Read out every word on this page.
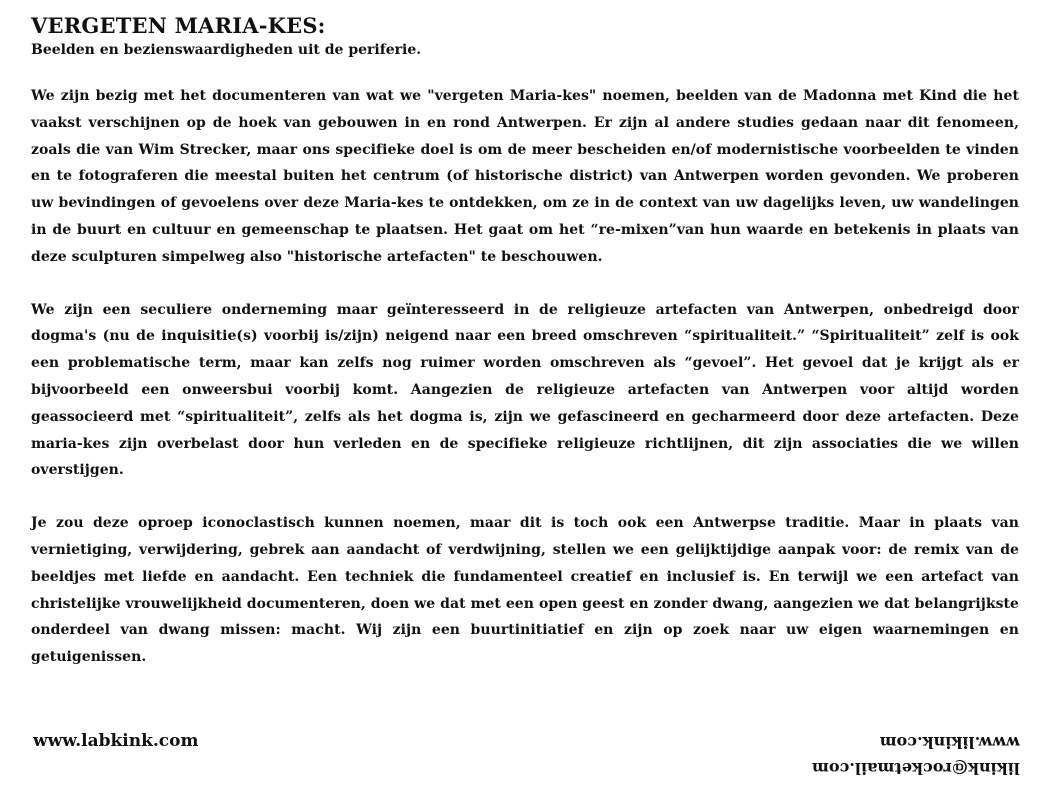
VERGETEN MARIA-KES:

Beelden en bezienswaardigheden uit de periferie.

We zijn bezig met het documenteren van wat we "vergeten Maria-kes" noemen, beelden van de Madonna met Kind die het vaakst verschijnen op de hoek van gebouwen in en rond Antwerpen. Er zijn al andere studies gedaan naar dit fenomeen, zoals die van Wim Strecker, maar ons specifieke doel is om de meer bescheiden en/of modernistische voorbeelden te vinden en te fotograferen die meestal buiten het centrum (of historische district) van Antwerpen worden gevonden. We proberen uw bevindingen of gevoelens over deze Maria-kes te ontdekken, om ze in de context van uw dagelijks leven, uw wandelingen in de buurt en cultuur en gemeenschap te plaatsen. Het gaat om het “re-mixen”van hun waarde en betekenis in plaats van deze sculpturen simpelweg also "historische artefacten" te beschouwen.

We zijn een seculiere onderneming maar geïnteresseerd in de religieuze artefacten van Antwerpen, onbedreigd door dogma's (nu de inquisitie(s) voorbij is/zijn) neigend naar een breed omschreven “spiritualiteit.” “Spiritualiteit” zelf is ook een problematische term, maar kan zelfs nog ruimer worden omschreven als “gevoel”. Het gevoel dat je krijgt als er bijvoorbeeld een onweersbui voorbij komt. Aangezien de religieuze artefacten van Antwerpen voor altijd worden geassocieerd met “spiritualiteit”, zelfs als het dogma is, zijn we gefascineerd en gecharmeerd door deze artefacten. Deze maria-kes zijn overbelast door hun verleden en de specifieke religieuze richtlijnen, dit zijn associaties die we willen overstijgen.

Je zou deze oproep iconoclastisch kunnen noemen, maar dit is toch ook een Antwerpse traditie. Maar in plaats van vernietiging, verwijdering, gebrek aan aandacht of verdwijning, stellen we een gelijktijdige aanpak voor: de remix van de beeldjes met liefde en aandacht. Een techniek die fundamenteel creatief en inclusief is. En terwijl we een artefact van christelijke vrouwelijkheid documenteren, doen we dat met een open geest en zonder dwang, aangezien we dat belangrijkste onderdeel van dwang missen: macht. Wij zijn een buurtinitiatief en zijn op zoek naar uw eigen waarnemingen en getuigenissen.

www.labkink.com
likink@rocketmail.com
www.likink.com
